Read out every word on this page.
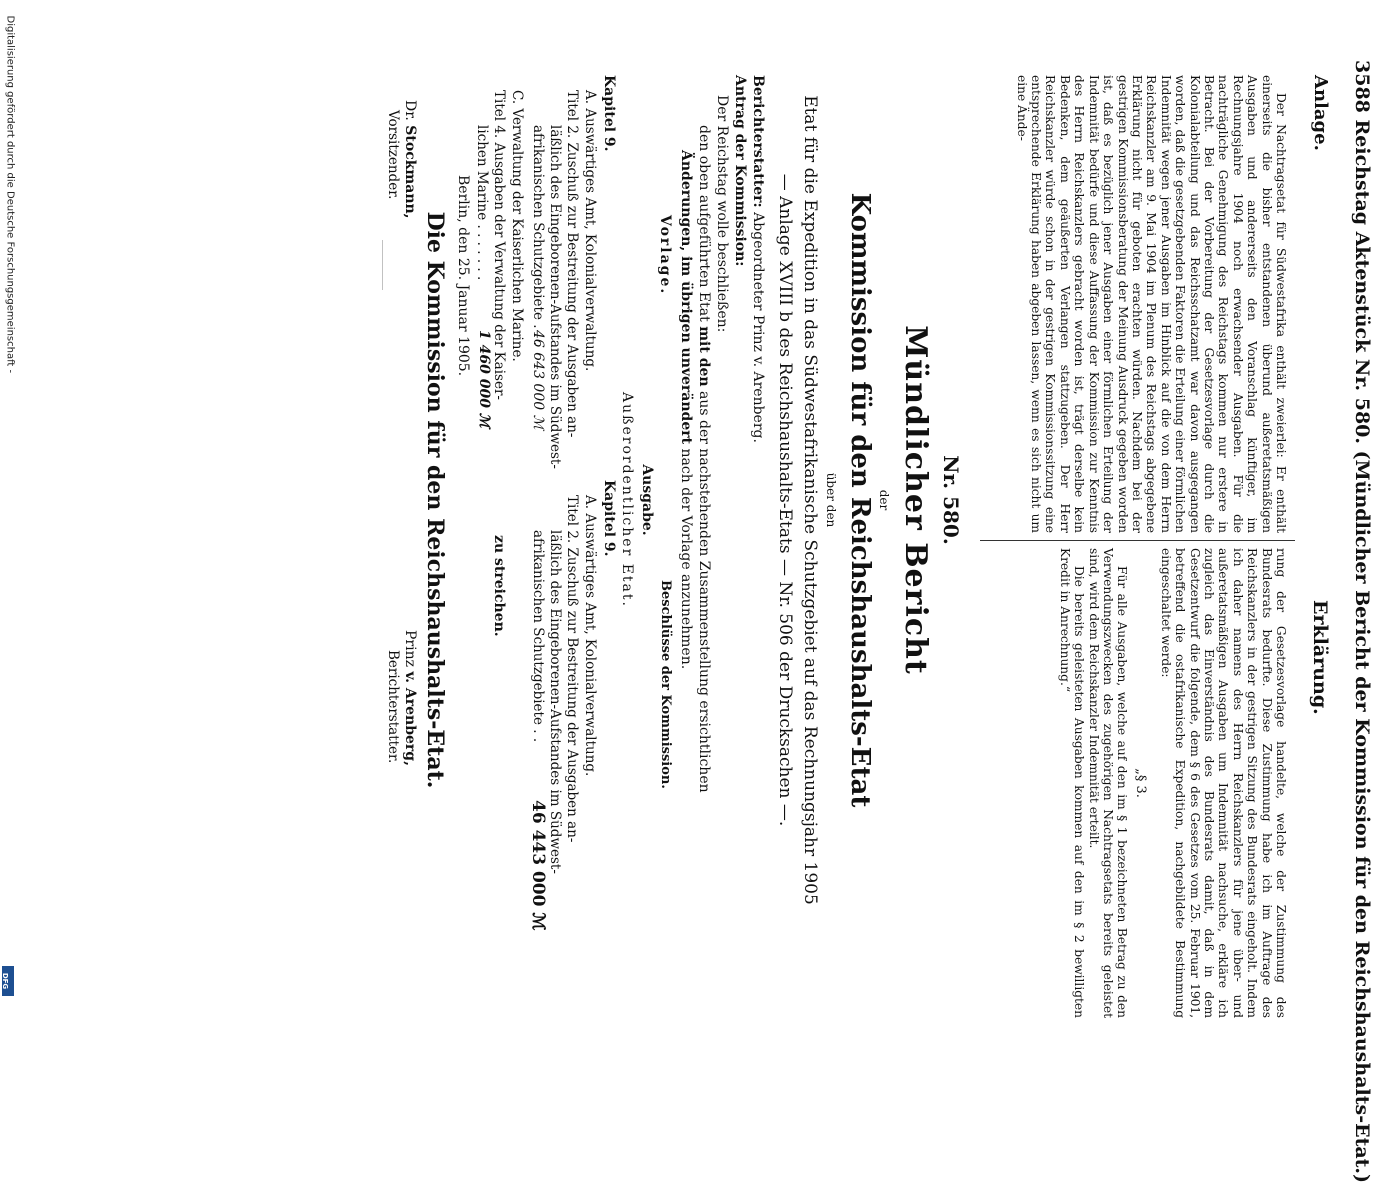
3588 Reichstag Aktenstück Nr. 580. (Mündlicher Bericht der Kommission für den Reichshaushalts-Etat.)
Anlage.
Erklärung.

Der Nachtragsetat für Südwestafrika enthält zweierlei: Er enthält einerseits die bisher entstandenen überund außeretatsmäßigen Ausgaben und andererseits den Voranschlag künftiger, im Rechnungsjahre 1904 noch erwachsender Ausgaben. Für die nachträgliche Genehmigung des Reichstags kommen nur erstere in Betracht. Bei der Vorbereitung der Gesetzesvorlage durch die Kolonialabteilung und das Reichsschatzamt war davon ausgegangen worden, daß die gesetzgebenden Faktoren die Erteilung einer förmlichen Indemnität wegen jener Ausgaben im Hinblick auf die von dem Herrn Reichskanzler am 9. Mai 1904 im Plenum des Reichstags abgegebene Erklärung nicht für geboten erachten würden. Nachdem bei der gestrigen Kommissionsberatung der Meinung Ausdruck gegeben worden ist, daß es bezüglich jener Ausgaben einer förmlichen Erteilung der Indemnität bedürfe und diese Auffassung der Kommission zur Kenntnis des Herrn Reichskanzlers gebracht worden ist, trägt derselbe kein Bedenken, dem geäußerten Verlangen stattzugeben. Der Herr Reichskanzler würde schon in der gestrigen Kommissionssitzung eine entsprechende Erklärung haben abgeben lassen, wenn es sich nicht um eine Ände-

rung der Gesetzesvorlage handelte, welche der Zustimmung des Bundesrats bedurfte. Diese Zustimmung habe ich im Auftrage des Reichskanzlers in der gestrigen Sitzung des Bundesrats eingeholt. Indem ich daher namens des Herrn Reichskanzlers für jene über- und außeretatsmäßigen Ausgaben um Indemnität nachsuche, erkläre ich zugleich das Einverständnis des Bundesrats damit, daß in dem Gesetzentwurf die folgende, dem § 6 des Gesetzes vom 25. Februar 1901, betreffend die ostafrikanische Expedition, nachgebildete Bestimmung eingeschaltet werde:

„§ 3.

Für alle Ausgaben, welche auf den im § 1 bezeichneten Betrag zu den Verwendungszwecken des zugehörigen Nachtragsetats bereits geleistet sind, wird dem Reichskanzler Indemnität erteilt.

Die bereits geleisteten Ausgaben kommen auf den im § 2 bewilligten Kredit in Anrechnung.“

Nr. 580.
Mündlicher Bericht
der
Kommission für den Reichshaushalts-Etat
über den
Etat für die Expedition in das Südwestafrikanische Schutzgebiet auf das Rechnungsjahr 1905
— Anlage XVIII b des Reichshaushalts-Etats — Nr. 506 der Drucksachen —.
Berichterstatter: Abgeordneter Prinz v. Arenberg.
Antrag der Kommission:
Der Reichstag wolle beschließen:
den oben aufgeführten Etat mit den aus der nachstehenden Zusammenstellung ersichtlichen
Änderungen, im übrigen unverändert nach der Vorlage anzunehmen.
Vorlage.
Beschlüsse der Kommission.
Ausgabe.
Außerordentlicher Etat.
Kapitel 9.
Kapitel 9.
A. Auswärtiges Amt, Kolonialverwaltung.
A. Auswärtiges Amt, Kolonialverwaltung.
Titel 2. Zuschuß zur Bestreitung der Ausgaben an-
läßlich des Eingeborenen-Aufstandes im Südwest-
afrikanischen Schutzgebiete . . .
46 643 000 ℳ
Titel 2. Zuschuß zur Bestreitung der Ausgaben an-
läßlich des Eingeborenen-Aufstandes im Südwest-
afrikanischen Schutzgebiete . .
46 443 000 ℳ
C. Verwaltung der Kaiserlichen Marine.
Titel 4. Ausgaben der Verwaltung der Kaiser-
lichen Marine . . . . . . .
1 460 000 ℳ
zu streichen.
Berlin, den 25. Januar 1905.
Die Kommission für den Reichshaushalts-Etat.
Dr. Stockmann,
Vorsitzender.
Prinz v. Arenberg,
Berichterstatter.
Digitalisierung gefördert durch die Deutsche Forschungsgemeinschaft -
DFG
